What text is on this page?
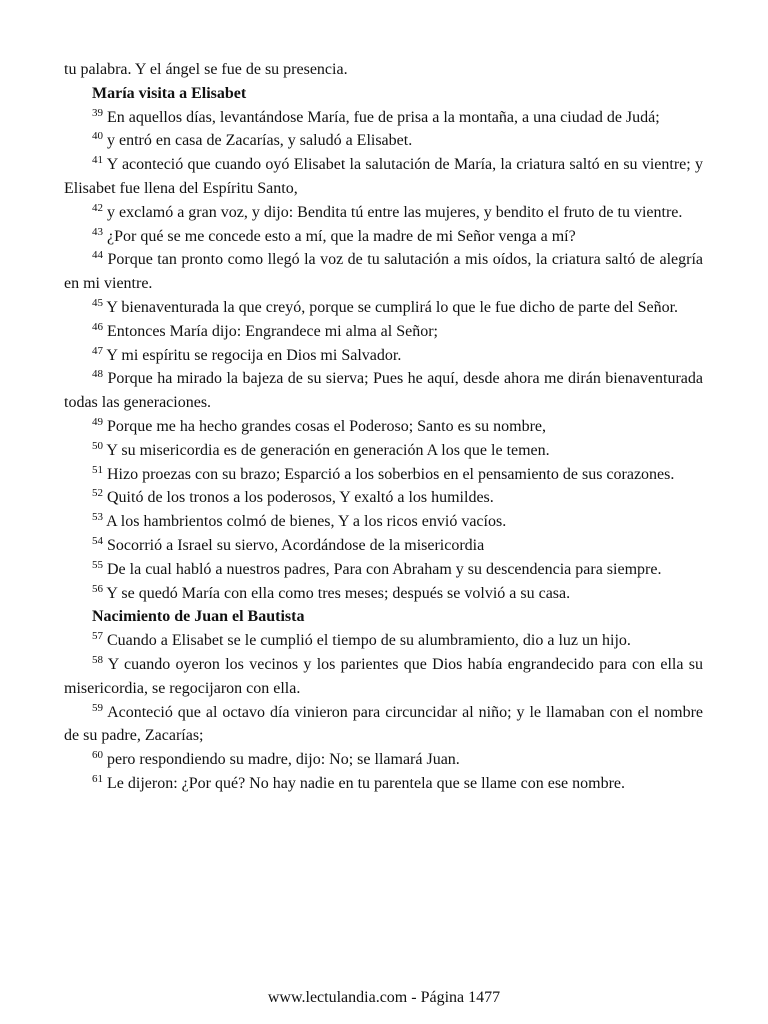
tu palabra. Y el ángel se fue de su presencia.

María visita a Elisabet

$^{39}$ En aquellos días, levantándose María, fue de prisa a la montaña, a una ciudad de Judá;

$^{40}$ y entró en casa de Zacarías, y saludó a Elisabet.

$^{41}$ Y aconteció que cuando oyó Elisabet la salutación de María, la criatura saltó en su vientre; y Elisabet fue llena del Espíritu Santo,

$^{42}$ y exclamó a gran voz, y dijo: Bendita tú entre las mujeres, y bendito el fruto de tu vientre.

$^{43}$ ¿Por qué se me concede esto a mí, que la madre de mi Señor venga a mí?

$^{44}$ Porque tan pronto como llegó la voz de tu salutación a mis oídos, la criatura saltó de alegría en mi vientre.

$^{45}$ Y bienaventurada la que creyó, porque se cumplirá lo que le fue dicho de parte del Señor.

$^{46}$ Entonces María dijo: Engrandece mi alma al Señor;

$^{47}$ Y mi espíritu se regocija en Dios mi Salvador.

$^{48}$ Porque ha mirado la bajeza de su sierva; Pues he aquí, desde ahora me dirán bienaventurada todas las generaciones.

$^{49}$ Porque me ha hecho grandes cosas el Poderoso; Santo es su nombre,

$^{50}$ Y su misericordia es de generación en generación A los que le temen.

$^{51}$ Hizo proezas con su brazo; Esparció a los soberbios en el pensamiento de sus corazones.

$^{52}$ Quitó de los tronos a los poderosos, Y exaltó a los humildes.

$^{53}$ A los hambrientos colmó de bienes, Y a los ricos envió vacíos.

$^{54}$ Socorrió a Israel su siervo, Acordándose de la misericordia

$^{55}$ De la cual habló a nuestros padres, Para con Abraham y su descendencia para siempre.

$^{56}$ Y se quedó María con ella como tres meses; después se volvió a su casa.

Nacimiento de Juan el Bautista

$^{57}$ Cuando a Elisabet se le cumplió el tiempo de su alumbramiento, dio a luz un hijo.

$^{58}$ Y cuando oyeron los vecinos y los parientes que Dios había engrandecido para con ella su misericordia, se regocijaron con ella.

$^{59}$ Aconteció que al octavo día vinieron para circuncidar al niño; y le llamaban con el nombre de su padre, Zacarías;

$^{60}$ pero respondiendo su madre, dijo: No; se llamará Juan.

$^{61}$ Le dijeron: ¿Por qué? No hay nadie en tu parentela que se llame con ese nombre.

www.lectulandia.com - Página 1477
